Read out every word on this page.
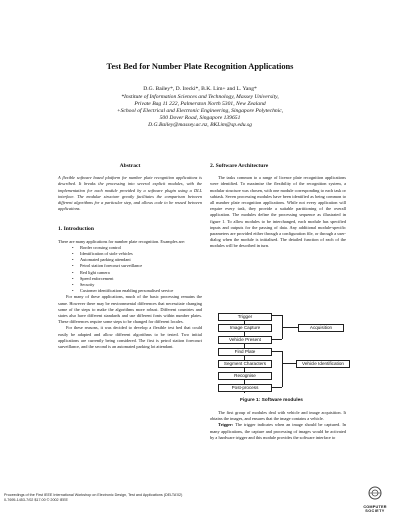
Test Bed for Number Plate Recognition Applications
D.G. Bailey*, D. Irecki*, B.K. Lim+ and L. Yang*
*Institute of Information Sciences and Technology, Massey University,
Private Bag 11 222, Palmerston North 5301, New Zealand
+School of Electrical and Electronic Engineering, Singapore Polytechnic,
500 Dover Road, Singapore 139651
D.G.Bailey@massey.ac.nz, BKLim@sp.edu.sg
Abstract

A flexible software based platform for number plate recognition applications is described. It breaks the processing into several explicit modules, with the implementation for each module provided by a software plugin using a DLL interface. The modular structure greatly facilitates the comparison between different algorithms for a particular step, and allows code to be reused between applications.

1. Introduction

There are many applications for number plate recognition. Examples are:

• Border crossing control
• Identification of stole vehicles
• Automated parking attendant
• Petrol station forecourt surveillance
• Red light camera
• Speed enforcement
• Security
• Customer identification enabling personalised service

For many of these applications, much of the basic processing remains the same. However there may be environmental differences that necessitate changing some of the steps to make the algorithms more robust. Different countries and states also have different standards and use different fonts within number plates. These differences require some steps to be changed for different locales.

For these reasons, it was decided to develop a flexible test bed that could easily be adapted and allow different algorithms to be tested. Two initial applications are currently being considered. The first is petrol station forecourt surveillance, and the second is an automated parking lot attendant.

2. Software Architecture

The tasks common to a range of licence plate recognition applications were identified. To maximise the flexibility of the recognition system, a modular structure was chosen, with one module corresponding to each task or subtask. Seven processing modules have been identified as being common to all number plate recognition applications. While not every application will require every task, they provide a suitable partitioning of the overall application. The modules define the processing sequence as illustrated in figure 1. To allow modules to be interchanged, each module has specified inputs and outputs for the passing of data. Any additional module-specific parameters are provided either through a configuration file, or through a user-dialog when the module is initialised. The detailed function of each of the modules will be described in turn.

Trigger
Image Capture
Vehicle Present
Find Plate
Segment Characters
Recognise
Post-process
Acquisition
Vehicle Identification
Figure 1: Software modules

The first group of modules deal with vehicle and image acquisition. It obtains the images, and ensures that the image contains a vehicle.

Trigger: The trigger indicates when an image should be captured. In many applications, the capture and processing of images would be activated by a hardware trigger and this module provides the software interface to

Proceedings of the First IEEE International Workshop on Electronic Design, Test and Applications (DELTA'02)
0-7695-1453-7/02 $17.00 © 2002 IEEE
COMPUTER
SOCIETY
